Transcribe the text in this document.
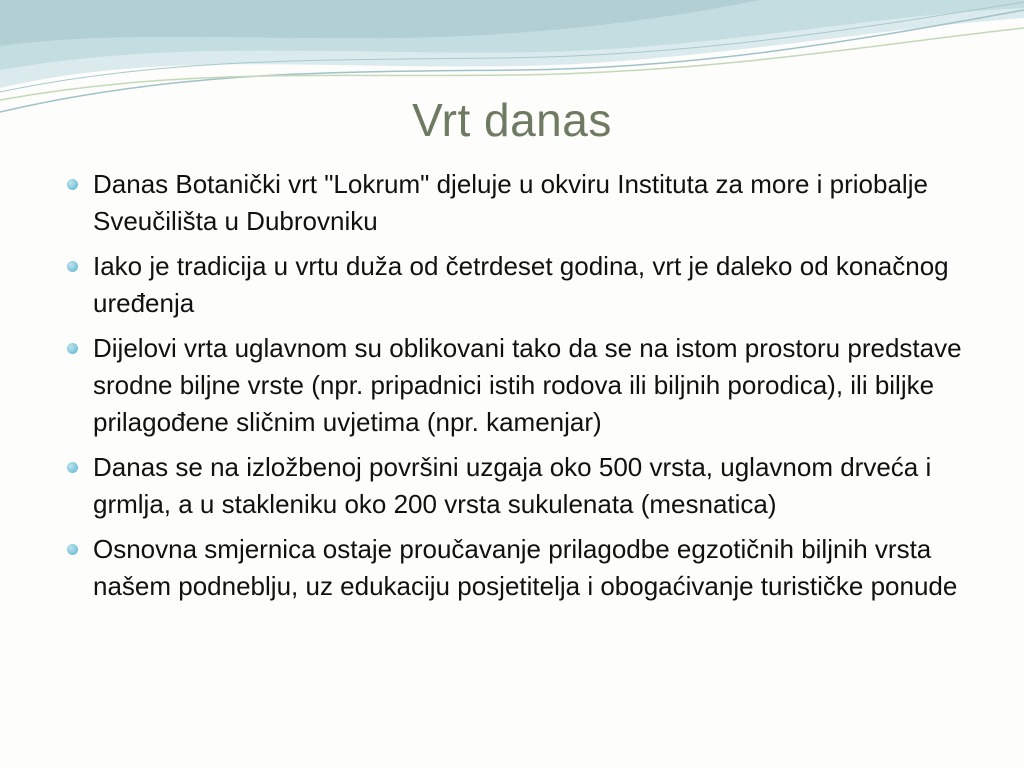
Vrt danas
Danas Botanički vrt "Lokrum" djeluje u okviru Instituta za more i priobalje Sveučilišta u Dubrovniku
Iako je tradicija u vrtu duža od četrdeset godina, vrt je daleko od konačnog uređenja
Dijelovi vrta uglavnom su oblikovani tako da se na istom prostoru predstave srodne biljne vrste (npr. pripadnici istih rodova ili biljnih porodica), ili biljke prilagođene sličnim uvjetima (npr. kamenjar)
Danas se na izložbenoj površini uzgaja oko 500 vrsta, uglavnom drveća i grmlja, a u stakleniku oko 200 vrsta sukulenata (mesnatica)
Osnovna smjernica ostaje proučavanje prilagodbe egzotičnih biljnih vrsta našem podneblju, uz edukaciju posjetitelja i obogaćivanje turističke ponude
